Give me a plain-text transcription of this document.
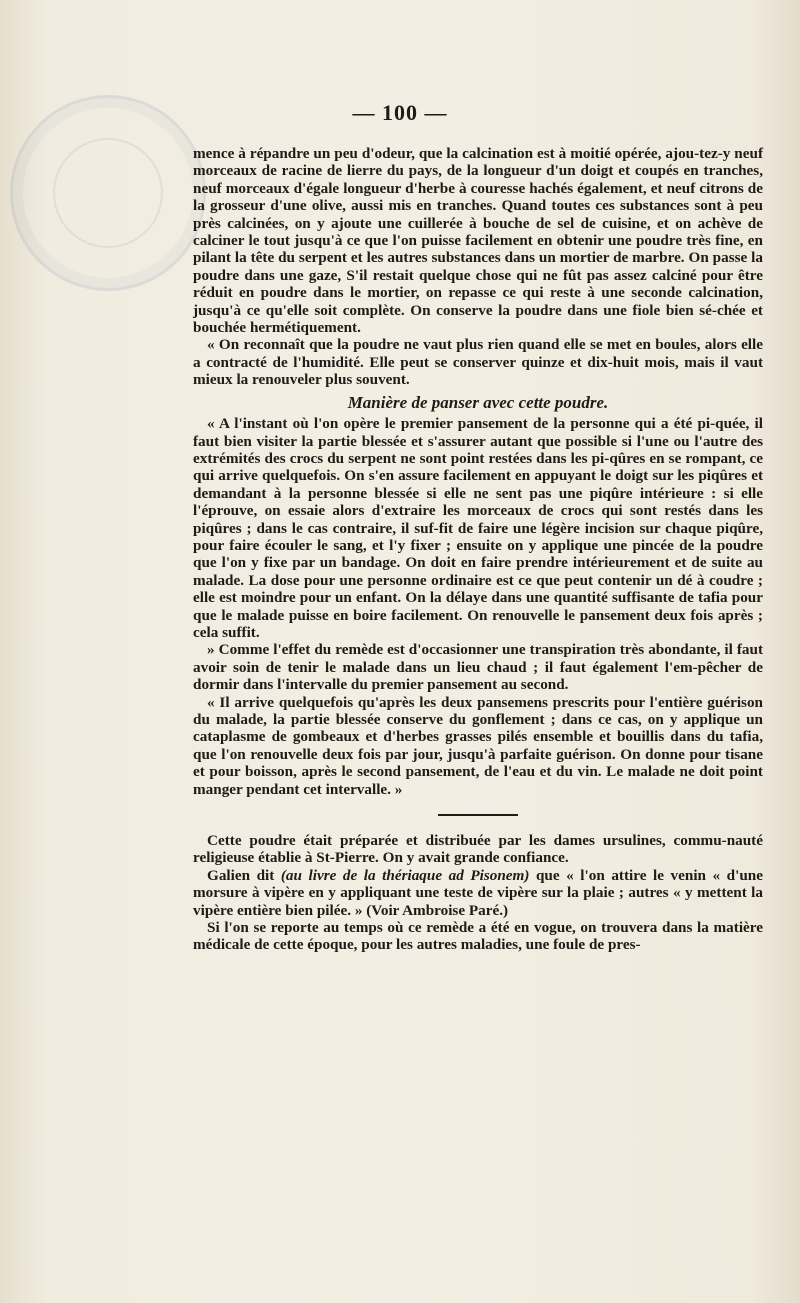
— 100 —

mence à répandre un peu d'odeur, que la calcination est à moitié opérée, ajou-tez-y neuf morceaux de racine de lierre du pays, de la longueur d'un doigt et coupés en tranches, neuf morceaux d'égale longueur d'herbe à couresse hachés également, et neuf citrons de la grosseur d'une olive, aussi mis en tranches. Quand toutes ces substances sont à peu près calcinées, on y ajoute une cuillerée à bouche de sel de cuisine, et on achève de calciner le tout jusqu'à ce que l'on puisse facilement en obtenir une poudre très fine, en pilant la tête du serpent et les autres substances dans un mortier de marbre. On passe la poudre dans une gaze, S'il restait quelque chose qui ne fût pas assez calciné pour être réduit en poudre dans le mortier, on repasse ce qui reste à une seconde calcination, jusqu'à ce qu'elle soit complète. On conserve la poudre dans une fiole bien sé-chée et bouchée hermétiquement.

« On reconnaît que la poudre ne vaut plus rien quand elle se met en boules, alors elle a contracté de l'humidité. Elle peut se conserver quinze et dix-huit mois, mais il vaut mieux la renouveler plus souvent.

Manière de panser avec cette poudre.

« A l'instant où l'on opère le premier pansement de la personne qui a été pi-quée, il faut bien visiter la partie blessée et s'assurer autant que possible si l'une ou l'autre des extrémités des crocs du serpent ne sont point restées dans les pi-qûres en se rompant, ce qui arrive quelquefois. On s'en assure facilement en appuyant le doigt sur les piqûres et demandant à la personne blessée si elle ne sent pas une piqûre intérieure : si elle l'éprouve, on essaie alors d'extraire les morceaux de crocs qui sont restés dans les piqûres ; dans le cas contraire, il suf-fit de faire une légère incision sur chaque piqûre, pour faire écouler le sang, et l'y fixer ; ensuite on y applique une pincée de la poudre que l'on y fixe par un bandage. On doit en faire prendre intérieurement et de suite au malade. La dose pour une personne ordinaire est ce que peut contenir un dé à coudre ; elle est moindre pour un enfant. On la délaye dans une quantité suffisante de tafia pour que le malade puisse en boire facilement. On renouvelle le pansement deux fois après ; cela suffit.

» Comme l'effet du remède est d'occasionner une transpiration très abondante, il faut avoir soin de tenir le malade dans un lieu chaud ; il faut également l'em-pêcher de dormir dans l'intervalle du premier pansement au second.

« Il arrive quelquefois qu'après les deux pansemens prescrits pour l'entière guérison du malade, la partie blessée conserve du gonflement ; dans ce cas, on y applique un cataplasme de gombeaux et d'herbes grasses pilés ensemble et bouillis dans du tafia, que l'on renouvelle deux fois par jour, jusqu'à parfaite guérison. On donne pour tisane et pour boisson, après le second pansement, de l'eau et du vin. Le malade ne doit point manger pendant cet intervalle. »

Cette poudre était préparée et distribuée par les dames ursulines, commu-nauté religieuse établie à St-Pierre. On y avait grande confiance.

Galien dit (au livre de la thériaque ad Pisonem) que « l'on attire le venin « d'une morsure à vipère en y appliquant une teste de vipère sur la plaie ; autres « y mettent la vipère entière bien pilée. » (Voir Ambroise Paré.)

Si l'on se reporte au temps où ce remède a été en vogue, on trouvera dans la matière médicale de cette époque, pour les autres maladies, une foule de pres-
